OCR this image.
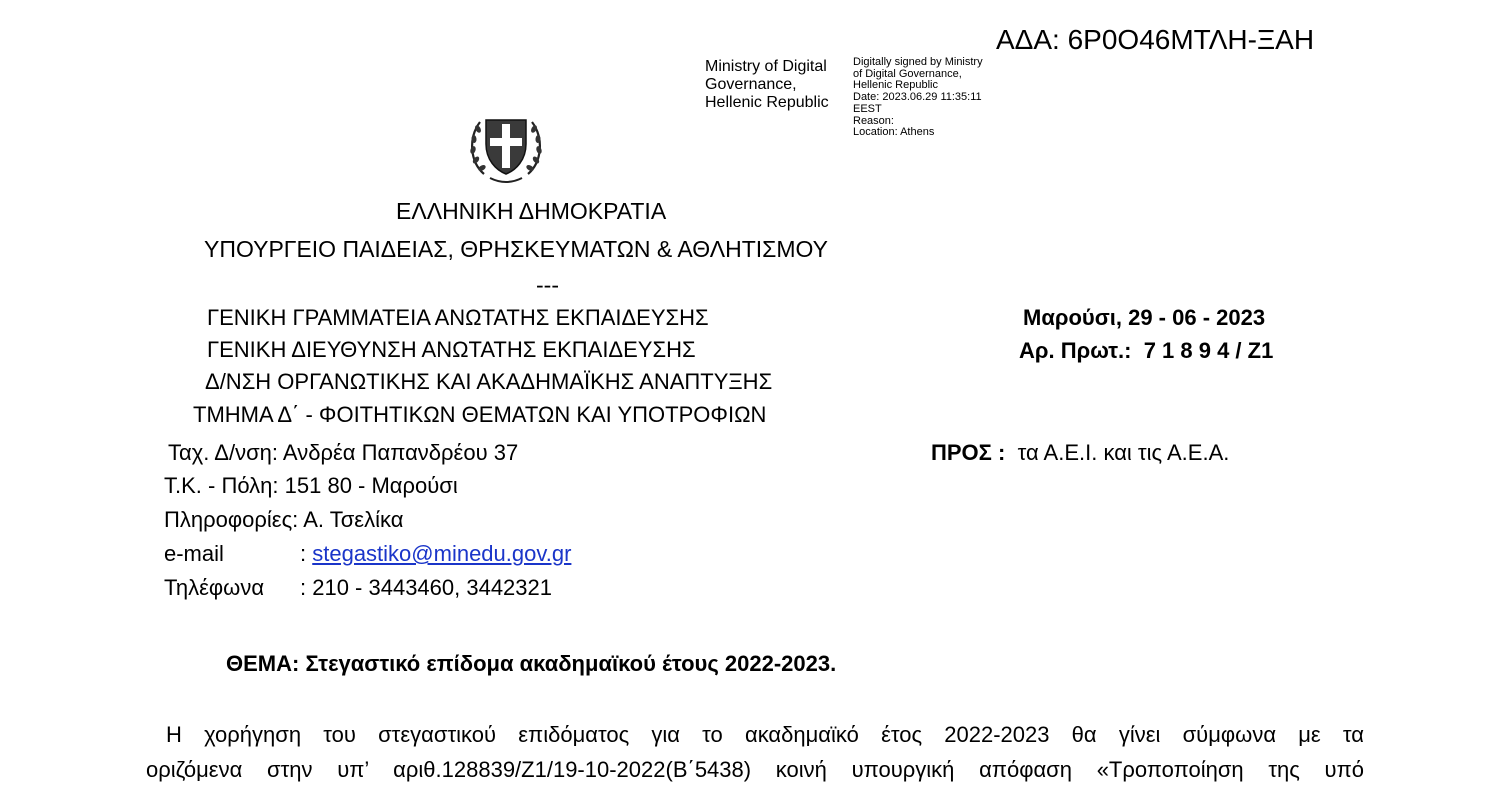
ΑΔΑ: 6Ρ0Ο46ΜΤΛΗ-ΞΑΗ
Ministry of Digital
Governance,
Hellenic Republic
Digitally signed by Ministry
of Digital Governance,
Hellenic Republic
Date: 2023.06.29 11:35:11
EEST
Reason:
Location: Athens
ΕΛΛΗΝΙΚΗ ΔΗΜΟΚΡΑΤΙΑ
ΥΠΟΥΡΓΕΙΟ ΠΑΙΔΕΙΑΣ, ΘΡΗΣΚΕΥΜΑΤΩΝ & ΑΘΛΗΤΙΣΜΟΥ
---
ΓΕΝΙΚΗ ΓΡΑΜΜΑΤΕΙΑ ΑΝΩΤΑΤΗΣ ΕΚΠΑΙΔΕΥΣΗΣ
ΓΕΝΙΚΗ ΔΙΕΥΘΥΝΣΗ ΑΝΩΤΑΤΗΣ ΕΚΠΑΙΔΕΥΣΗΣ
Δ/ΝΣΗ ΟΡΓΑΝΩΤΙΚΗΣ ΚΑΙ ΑΚΑΔΗΜΑΪΚΗΣ ΑΝΑΠΤΥΞΗΣ
ΤΜΗΜΑ Δ΄ - ΦΟΙΤΗΤΙΚΩΝ ΘΕΜΑΤΩΝ ΚΑΙ ΥΠΟΤΡΟΦΙΩΝ
Μαρούσι, 29 - 06 - 2023
Αρ. Πρωτ.: 7 1 8 9 4 / Ζ1
Ταχ. Δ/νση: Ανδρέα Παπανδρέου 37
Τ.Κ. - Πόλη: 151 80 - Μαρούσι
Πληροφορίες: Α. Τσελίκα
e-mail	: stegastiko@minedu.gov.gr
Τηλέφωνα : 210 - 3443460, 3442321
ΠΡΟΣ : τα Α.Ε.Ι. και τις Α.Ε.Α.
ΘΕΜΑ: Στεγαστικό επίδομα ακαδημαϊκού έτους 2022-2023.
Η χορήγηση του στεγαστικού επιδόματος για το ακαδημαϊκό έτος 2022-2023 θα γίνει σύμφωνα με τα
οριζόμενα στην υπ’ αριθ.128839/Ζ1/19-10-2022(Β΄5438) κοινή υπουργική απόφαση «Τροποποίηση της υπό
